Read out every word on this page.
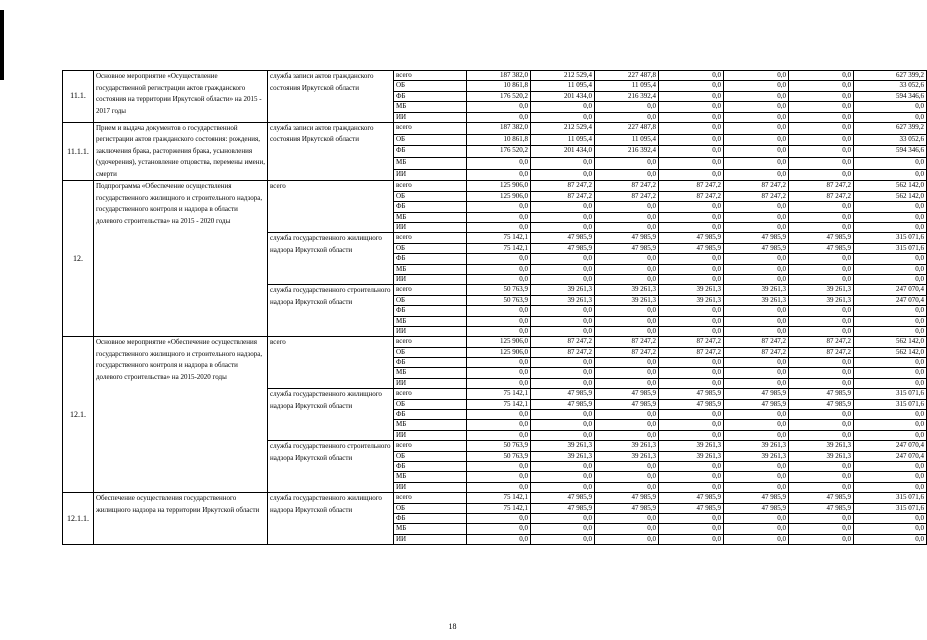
11.1.	Основное мероприятие «Осуществление государственной регистрации актов гражданского состояния на территории Иркутской области» на 2015 - 2017 годы	служба записи актов гражданского состояния Иркутской области	всего	187 382,0	212 529,4	227 487,8	0,0	0,0	0,0	627 399,2
			ОБ	10 861,8	11 095,4	11 095,4	0,0	0,0	0,0	33 052,6
			ФБ	176 520,2	201 434,0	216 392,4	0,0	0,0	0,0	594 346,6
			МБ	0,0	0,0	0,0	0,0	0,0	0,0	0,0
			ИИ	0,0	0,0	0,0	0,0	0,0	0,0	0,0
11.1.1.	Прием и выдача документов о государственной регистрации актов гражданского состояния: рождения, заключения брака, расторжения брака, усыновления (удочерения), установление отцовства, перемены имени, смерти	служба записи актов гражданского состояния Иркутской области	всего	187 382,0	212 529,4	227 487,8	0,0	0,0	0,0	627 399,2
			ОБ	10 861,8	11 095,4	11 095,4	0,0	0,0	0,0	33 052,6
			ФБ	176 520,2	201 434,0	216 392,4	0,0	0,0	0,0	594 346,6
			МБ	0,0	0,0	0,0	0,0	0,0	0,0	0,0
			ИИ	0,0	0,0	0,0	0,0	0,0	0,0	0,0
12.	Подпрограмма «Обеспечение осуществления государственного жилищного и строительного надзора, государственного контроля и надзора в области долевого строительства» на 2015 - 2020 годы	всего	всего	125 906,0	87 247,2	87 247,2	87 247,2	87 247,2	87 247,2	562 142,0
			ОБ	125 906,0	87 247,2	87 247,2	87 247,2	87 247,2	87 247,2	562 142,0
			ФБ	0,0	0,0	0,0	0,0	0,0	0,0	0,0
			МБ	0,0	0,0	0,0	0,0	0,0	0,0	0,0
			ИИ	0,0	0,0	0,0	0,0	0,0	0,0	0,0
		служба государственного жилищного надзора Иркутской области	всего	75 142,1	47 985,9	47 985,9	47 985,9	47 985,9	47 985,9	315 071,6
			ОБ	75 142,1	47 985,9	47 985,9	47 985,9	47 985,9	47 985,9	315 071,6
			ФБ	0,0	0,0	0,0	0,0	0,0	0,0	0,0
			МБ	0,0	0,0	0,0	0,0	0,0	0,0	0,0
			ИИ	0,0	0,0	0,0	0,0	0,0	0,0	0,0
		служба государственного строительного надзора Иркутской области	всего	50 763,9	39 261,3	39 261,3	39 261,3	39 261,3	39 261,3	247 070,4
			ОБ	50 763,9	39 261,3	39 261,3	39 261,3	39 261,3	39 261,3	247 070,4
			ФБ	0,0	0,0	0,0	0,0	0,0	0,0	0,0
			МБ	0,0	0,0	0,0	0,0	0,0	0,0	0,0
			ИИ	0,0	0,0	0,0	0,0	0,0	0,0	0,0
12.1.	Основное мероприятие «Обеспечение осуществления государственного жилищного и строительного надзора, государственного контроля и надзора в области долевого строительства» на 2015-2020 годы	всего	всего	125 906,0	87 247,2	87 247,2	87 247,2	87 247,2	87 247,2	562 142,0
			ОБ	125 906,0	87 247,2	87 247,2	87 247,2	87 247,2	87 247,2	562 142,0
			ФБ	0,0	0,0	0,0	0,0	0,0	0,0	0,0
			МБ	0,0	0,0	0,0	0,0	0,0	0,0	0,0
			ИИ	0,0	0,0	0,0	0,0	0,0	0,0	0,0
		служба государственного жилищного надзора Иркутской области	всего	75 142,1	47 985,9	47 985,9	47 985,9	47 985,9	47 985,9	315 071,6
			ОБ	75 142,1	47 985,9	47 985,9	47 985,9	47 985,9	47 985,9	315 071,6
			ФБ	0,0	0,0	0,0	0,0	0,0	0,0	0,0
			МБ	0,0	0,0	0,0	0,0	0,0	0,0	0,0
			ИИ	0,0	0,0	0,0	0,0	0,0	0,0	0,0
		служба государственного строительного надзора Иркутской области	всего	50 763,9	39 261,3	39 261,3	39 261,3	39 261,3	39 261,3	247 070,4
			ОБ	50 763,9	39 261,3	39 261,3	39 261,3	39 261,3	39 261,3	247 070,4
			ФБ	0,0	0,0	0,0	0,0	0,0	0,0	0,0
			МБ	0,0	0,0	0,0	0,0	0,0	0,0	0,0
			ИИ	0,0	0,0	0,0	0,0	0,0	0,0	0,0
12.1.1.	Обеспечение осуществления государственного жилищного надзора на территории Иркутской области	служба государственного жилищного надзора Иркутской области	всего	75 142,1	47 985,9	47 985,9	47 985,9	47 985,9	47 985,9	315 071,6
			ОБ	75 142,1	47 985,9	47 985,9	47 985,9	47 985,9	47 985,9	315 071,6
			ФБ	0,0	0,0	0,0	0,0	0,0	0,0	0,0
			МБ	0,0	0,0	0,0	0,0	0,0	0,0	0,0
			ИИ	0,0	0,0	0,0	0,0	0,0	0,0	0,0
18
